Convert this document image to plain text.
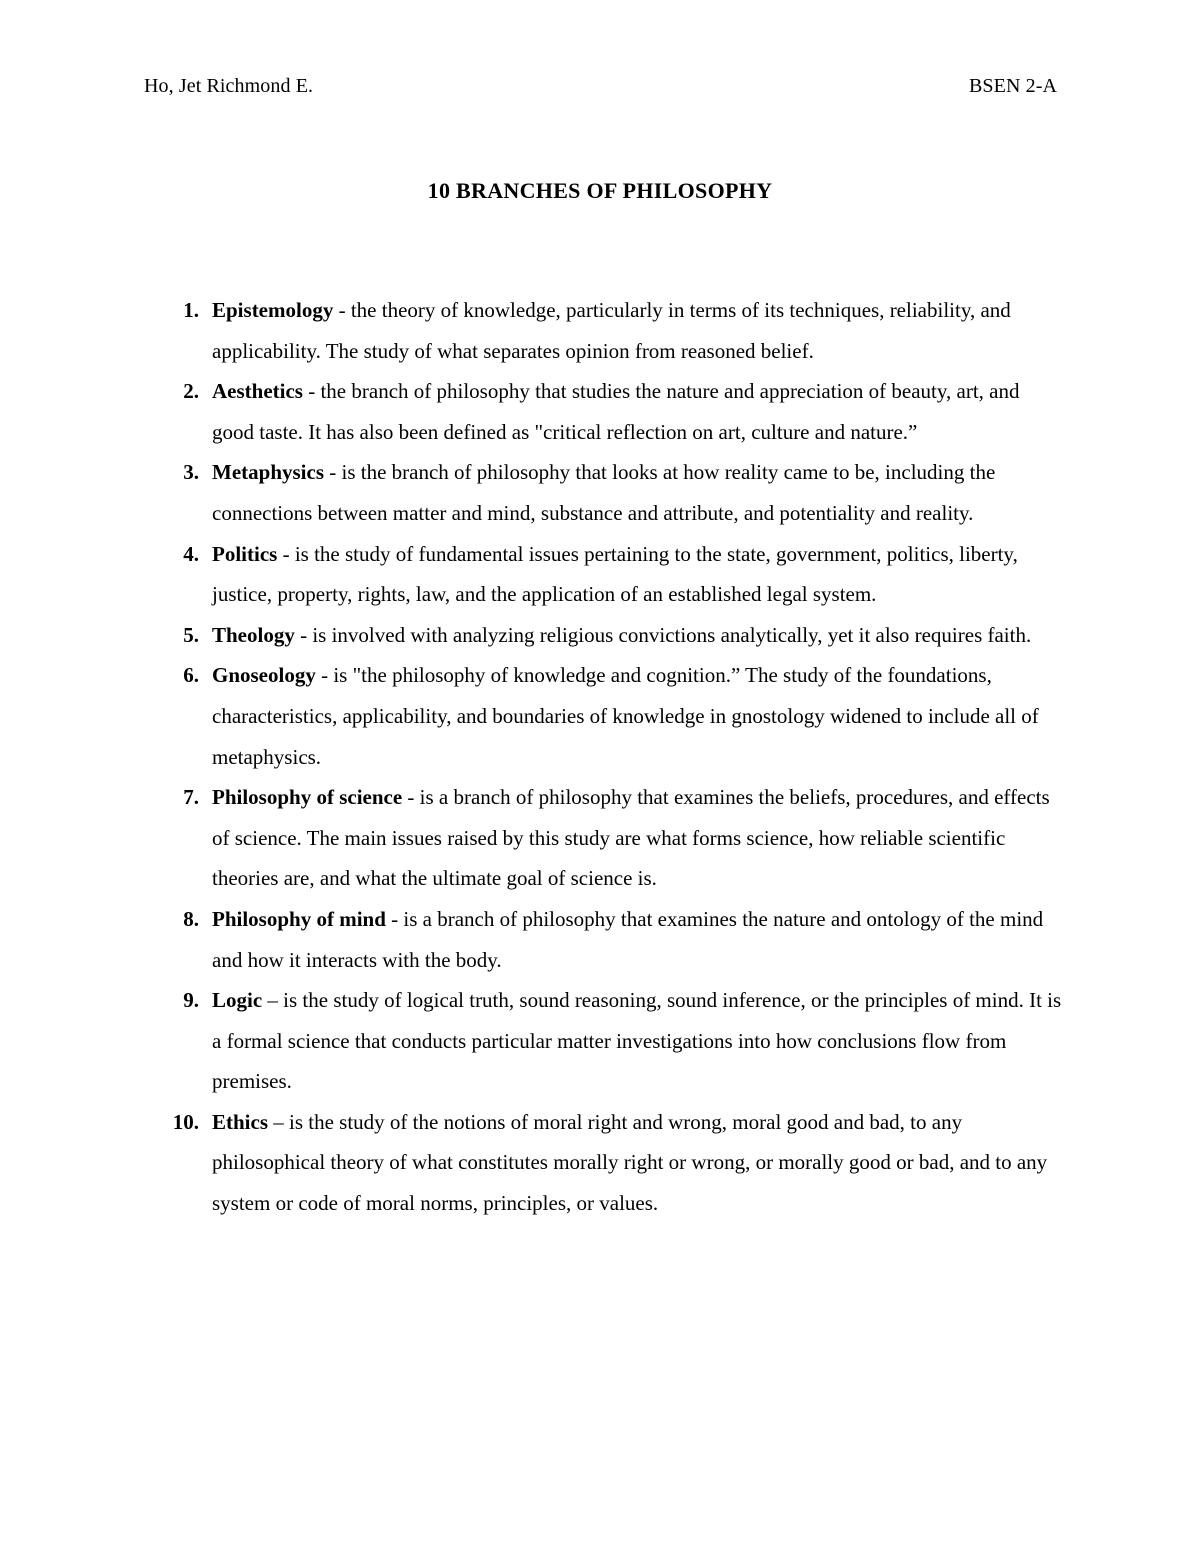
Ho, Jet Richmond E.	BSEN 2-A
10 BRANCHES OF PHILOSOPHY
1. Epistemology - the theory of knowledge, particularly in terms of its techniques, reliability, and applicability. The study of what separates opinion from reasoned belief.
2. Aesthetics - the branch of philosophy that studies the nature and appreciation of beauty, art, and good taste. It has also been defined as "critical reflection on art, culture and nature.”
3. Metaphysics - is the branch of philosophy that looks at how reality came to be, including the connections between matter and mind, substance and attribute, and potentiality and reality.
4. Politics - is the study of fundamental issues pertaining to the state, government, politics, liberty, justice, property, rights, law, and the application of an established legal system.
5. Theology - is involved with analyzing religious convictions analytically, yet it also requires faith.
6. Gnoseology - is "the philosophy of knowledge and cognition.” The study of the foundations, characteristics, applicability, and boundaries of knowledge in gnostology widened to include all of metaphysics.
7. Philosophy of science - is a branch of philosophy that examines the beliefs, procedures, and effects of science. The main issues raised by this study are what forms science, how reliable scientific theories are, and what the ultimate goal of science is.
8. Philosophy of mind - is a branch of philosophy that examines the nature and ontology of the mind and how it interacts with the body.
9. Logic – is the study of logical truth, sound reasoning, sound inference, or the principles of mind. It is a formal science that conducts particular matter investigations into how conclusions flow from premises.
10. Ethics – is the study of the notions of moral right and wrong, moral good and bad, to any philosophical theory of what constitutes morally right or wrong, or morally good or bad, and to any system or code of moral norms, principles, or values.
